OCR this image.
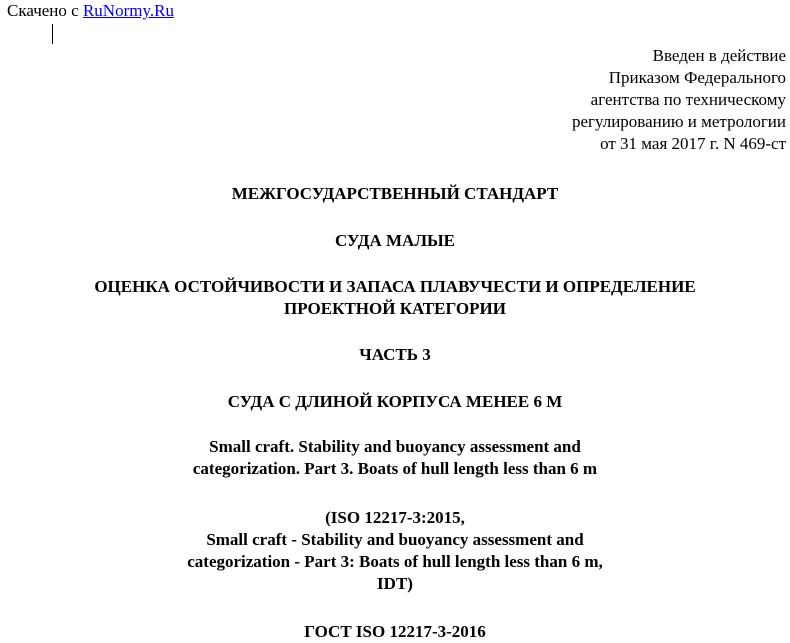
Скачено с RuNormy.Ru
Введен в действие
Приказом Федерального
агентства по техническому
регулированию и метрологии
от 31 мая 2017 г. N 469-ст
МЕЖГОСУДАРСТВЕННЫЙ СТАНДАРТ
СУДА МАЛЫЕ
ОЦЕНКА ОСТОЙЧИВОСТИ И ЗАПАСА ПЛАВУЧЕСТИ И ОПРЕДЕЛЕНИЕ
ПРОЕКТНОЙ КАТЕГОРИИ
ЧАСТЬ 3
СУДА С ДЛИНОЙ КОРПУСА МЕНЕЕ 6 М
Small craft. Stability and buoyancy assessment and
categorization. Part 3. Boats of hull length less than 6 m
(ISO 12217-3:2015,
Small craft - Stability and buoyancy assessment and
categorization - Part 3: Boats of hull length less than 6 m,
IDT)
ГОСТ ISO 12217-3-2016
